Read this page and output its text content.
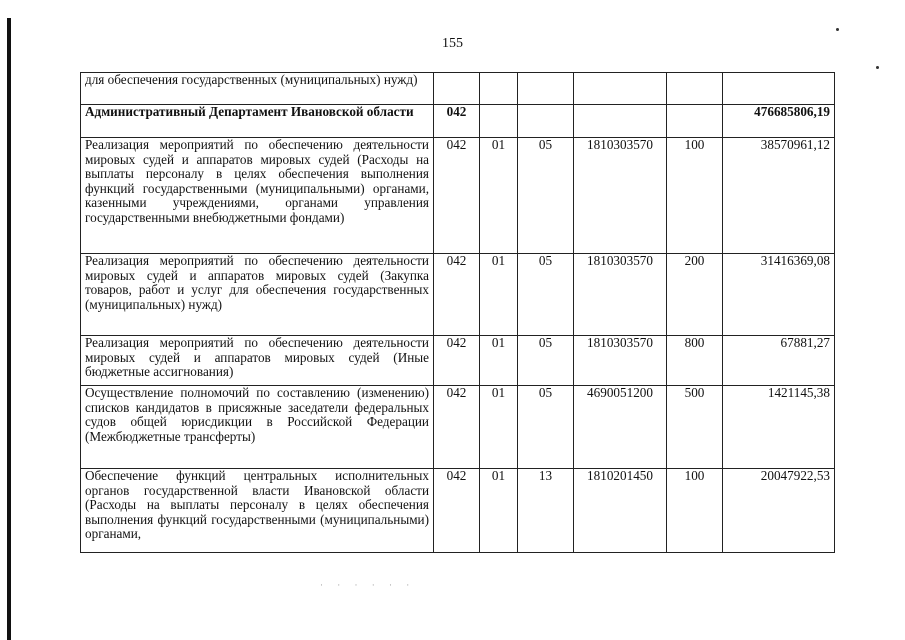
155
для обеспечения государственных (муниципальных) нужд)						
Административный Департамент Ивановской области	042					476685806,19
Реализация мероприятий по обеспечению деятельности мировых судей и аппаратов мировых судей (Расходы на выплаты персоналу в целях обеспечения выполнения функций государственными (муниципальными) органами, казенными учреждениями, органами управления государственными внебюджетными фондами)	042	01	05	1810303570	100	38570961,12
Реализация мероприятий по обеспечению деятельности мировых судей и аппаратов мировых судей (Закупка товаров, работ и услуг для обеспечения государственных (муниципальных) нужд)	042	01	05	1810303570	200	31416369,08
Реализация мероприятий по обеспечению деятельности мировых судей и аппаратов мировых судей (Иные бюджетные ассигнования)	042	01	05	1810303570	800	67881,27
Осуществление полномочий по составлению (изменению) списков кандидатов в присяжные заседатели федеральных судов общей юрисдикции в Российской Федерации (Межбюджетные трансферты)	042	01	05	4690051200	500	1421145,38
Обеспечение функций центральных исполнительных органов государственной власти Ивановской области (Расходы на выплаты персоналу в целях обеспечения выполнения функций государственными (муниципальными) органами,	042	01	13	1810201450	100	20047922,53
· · · · · ·
